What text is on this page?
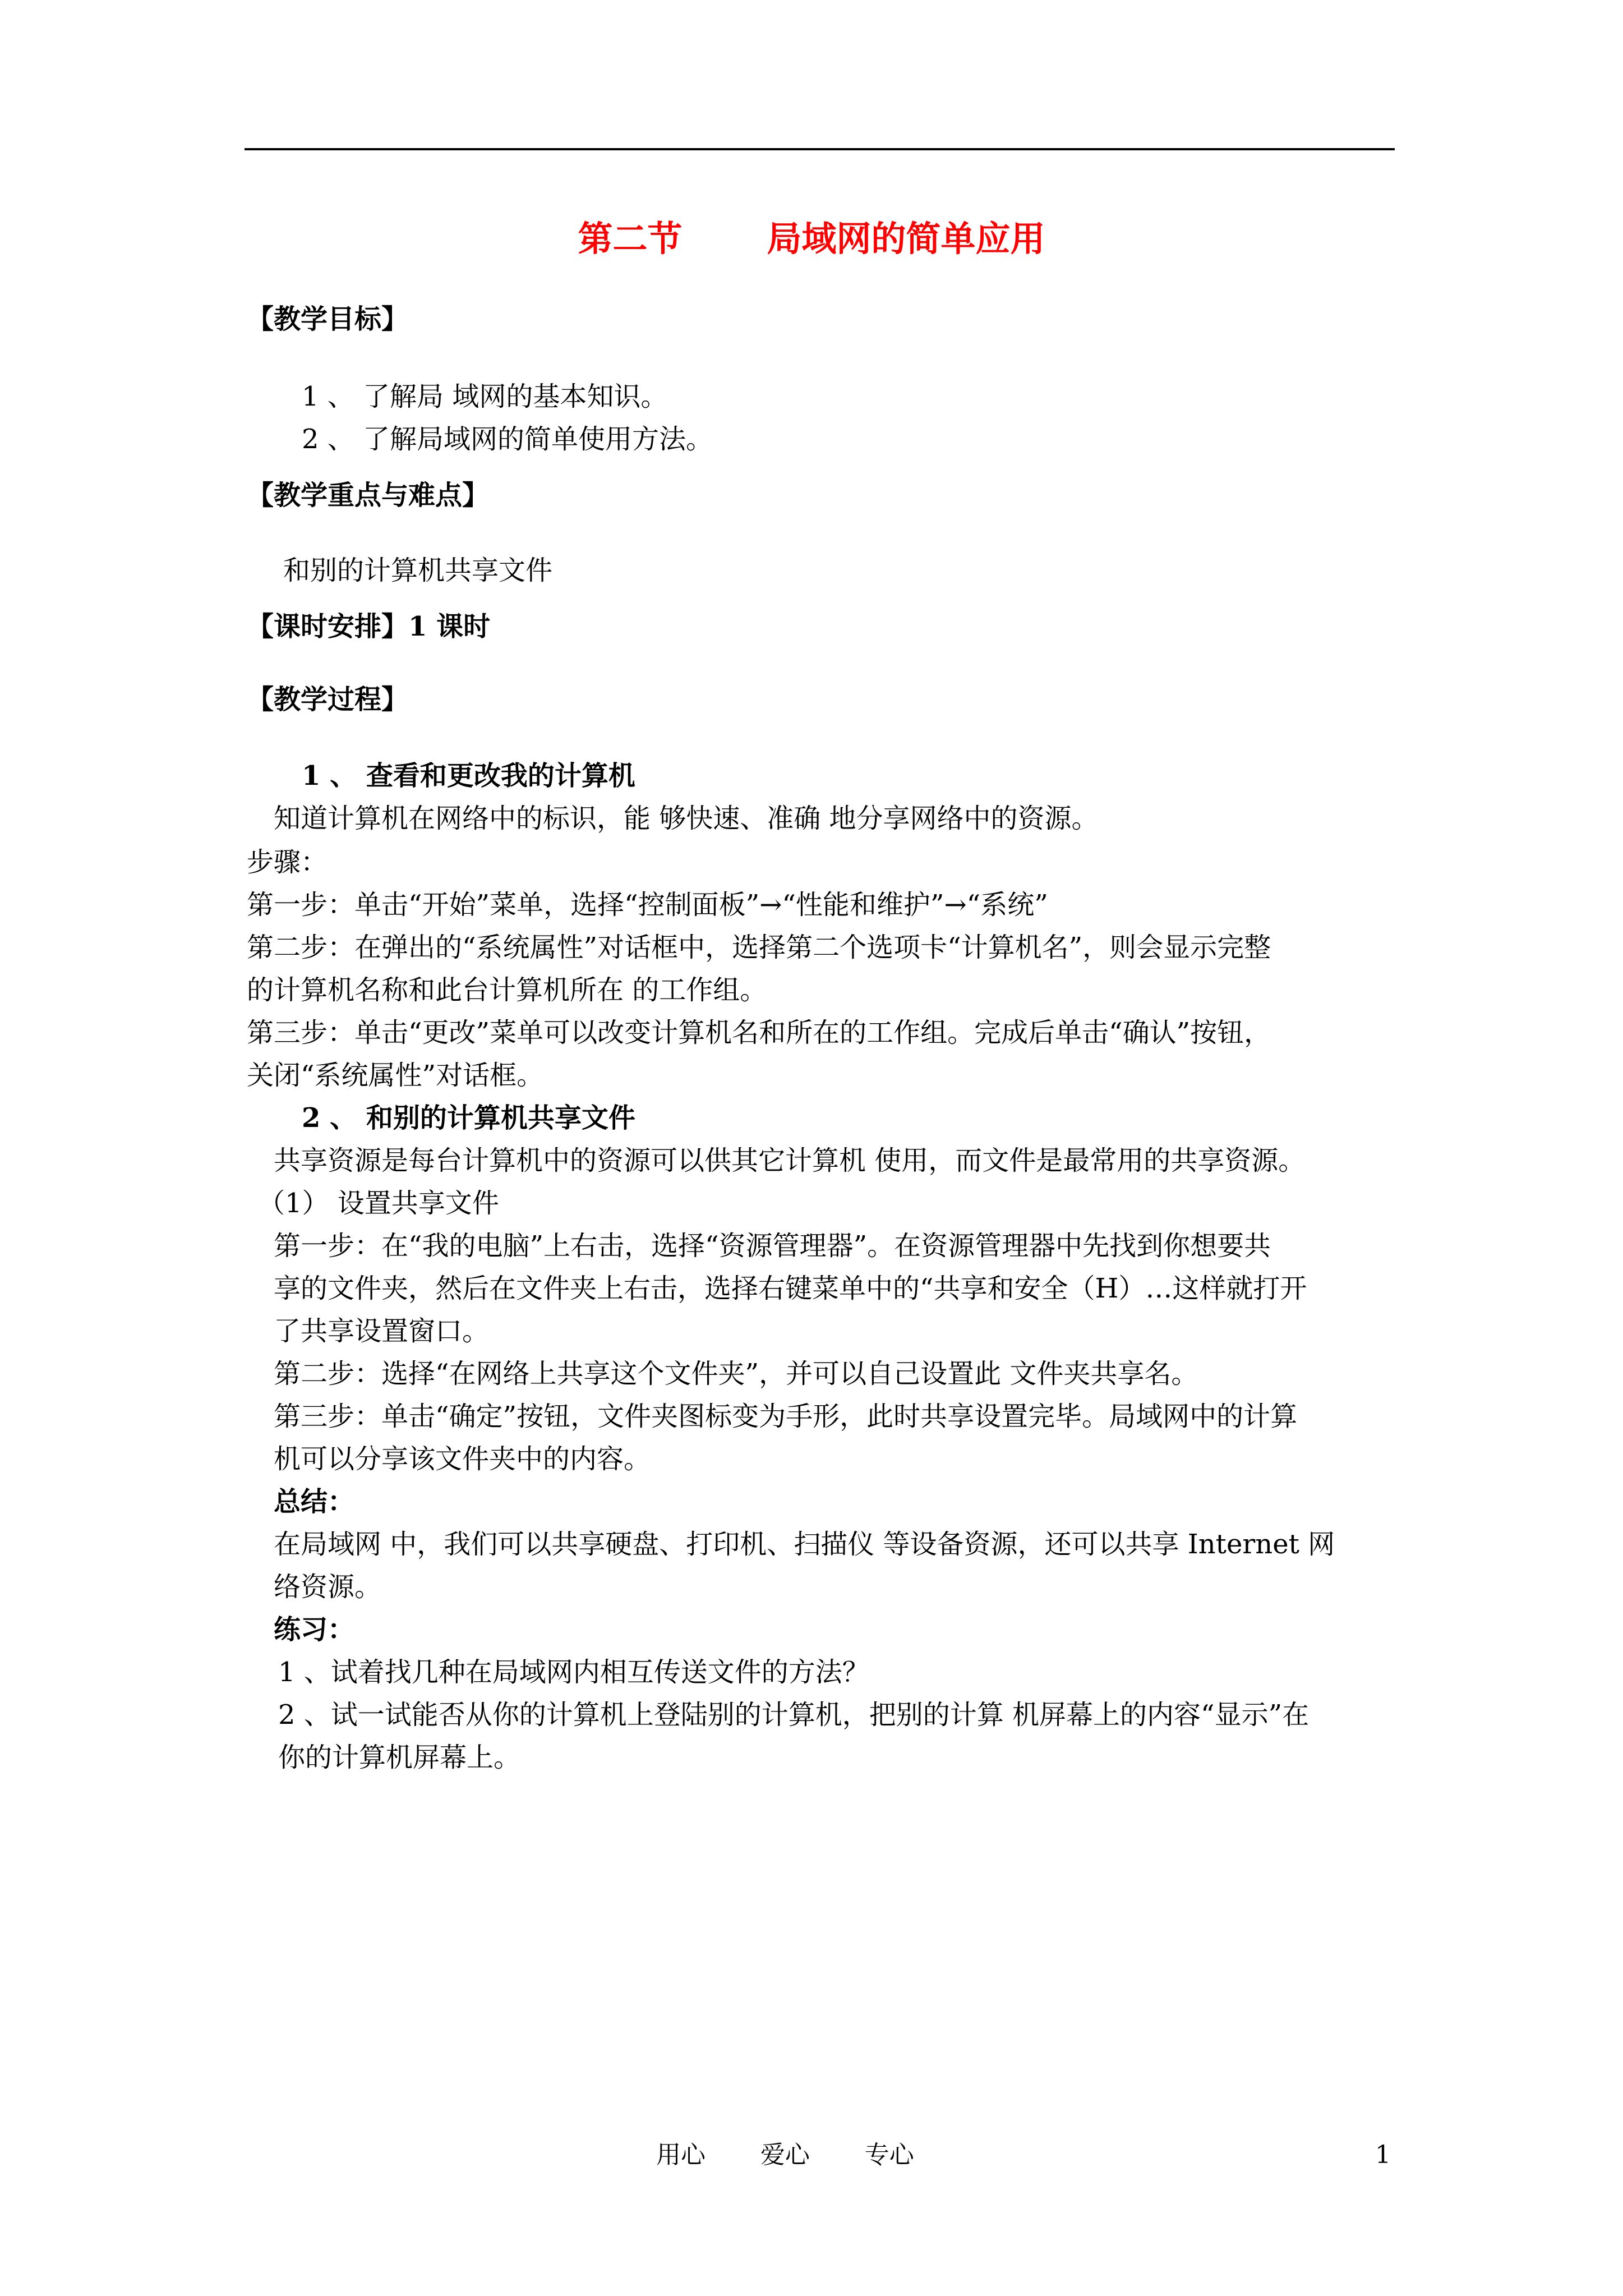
第二节       局域网的简单应用
【教学目标】
1 、 了解局 域网的基本知识。
2 、 了解局域网的简单使用方法。
【教学重点与难点】
和别的计算机共享文件
【课时安排】1 课时
【教学过程】
1 、 查看和更改我的计算机
知道计算机在网络中的标识，能 够快速、准确 地分享网络中的资源。
步骤：
第一步：单击“开始”菜单，选择“控制面板”→“性能和维护”→“系统”
第二步：在弹出的“系统属性”对话框中，选择第二个选项卡“计算机名”，则会显示完整
的计算机名称和此台计算机所在 的工作组。
第三步：单击“更改”菜单可以改变计算机名和所在的工作组。完成后单击“确认”按钮，
关闭“系统属性”对话框。
2 、 和别的计算机共享文件
共享资源是每台计算机中的资源可以供其它计算机 使用，而文件是最常用的共享资源。
（1） 设置共享文件
第一步：在“我的电脑”上右击，选择“资源管理器”。在资源管理器中先找到你想要共
享的文件夹，然后在文件夹上右击，选择右键菜单中的“共享和安全（H）…这样就打开
了共享设置窗口。
第二步：选择“在网络上共享这个文件夹”，并可以自己设置此 文件夹共享名。
第三步：单击“确定”按钮，文件夹图标变为手形，此时共享设置完毕。局域网中的计算
机可以分享该文件夹中的内容。
总结：
在局域网 中，我们可以共享硬盘、打印机、扫描仪 等设备资源，还可以共享 Internet 网
络资源。
练习：
1 、试着找几种在局域网内相互传送文件的方法？
2 、试一试能否从你的计算机上登陆别的计算机，把别的计算 机屏幕上的内容“显示”在
你的计算机屏幕上。
用心       爱心       专心	1
